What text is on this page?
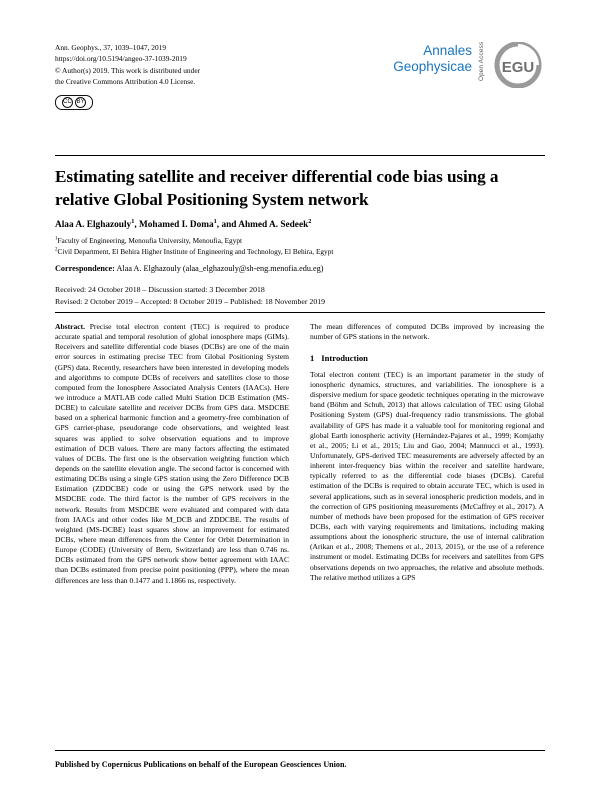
Ann. Geophys., 37, 1039–1047, 2019
https://doi.org/10.5194/angeo-37-1039-2019
© Author(s) 2019. This work is distributed under
the Creative Commons Attribution 4.0 License.
CC BY
Annales
Geophysicae Open Access EGU
Estimating satellite and receiver differential code bias using a relative Global Positioning System network
Alaa A. Elghazouly$^1$, Mohamed I. Doma$^1$, and Ahmed A. Sedeek$^2$
$^1$Faculty of Engineering, Menoufia University, Menoufia, Egypt
$^2$Civil Department, El Behira Higher Institute of Engineering and Technology, El Behira, Egypt
Correspondence: Alaa A. Elghazouly (alaa_elghazouly@sh-eng.menofia.edu.eg)
Received: 24 October 2018 – Discussion started: 3 December 2018
Revised: 2 October 2019 – Accepted: 8 October 2019 – Published: 18 November 2019

Abstract. Precise total electron content (TEC) is required to produce accurate spatial and temporal resolution of global ionosphere maps (GIMs). Receivers and satellite differential code biases (DCBs) are one of the main error sources in estimating precise TEC from Global Positioning System (GPS) data. Recently, researchers have been interested in developing models and algorithms to compute DCBs of receivers and satellites close to those computed from the Ionosphere Associated Analysis Centers (IAACs). Here we introduce a MATLAB code called Multi Station DCB Estimation (MS-DCBE) to calculate satellite and receiver DCBs from GPS data. MSDCBE based on a spherical harmonic function and a geometry-free combination of GPS carrier-phase, pseudorange code observations, and weighted least squares was applied to solve observation equations and to improve estimation of DCB values. There are many factors affecting the estimated values of DCBs. The first one is the observation weighting function which depends on the satellite elevation angle. The second factor is concerned with estimating DCBs using a single GPS station using the Zero Difference DCB Estimation (ZDDCBE) code or using the GPS network used by the MSDCBE code. The third factor is the number of GPS receivers in the network. Results from MSDCBE were evaluated and compared with data from IAACs and other codes like M_DCB and ZDDCBE. The results of weighted (MS-DCBE) least squares show an improvement for estimated DCBs, where mean differences from the Center for Orbit Determination in Europe (CODE) (University of Bern, Switzerland) are less than 0.746 ns. DCBs estimated from the GPS network show better agreement with IAAC than DCBs estimated from precise point positioning (PPP), where the mean differences are less than 0.1477 and 1.1866 ns, respectively.

The mean differences of computed DCBs improved by increasing the number of GPS stations in the network.

1 Introduction

Total electron content (TEC) is an important parameter in the study of ionospheric dynamics, structures, and variabilities. The ionosphere is a dispersive medium for space geodetic techniques operating in the microwave band (Böhm and Schuh, 2013) that allows calculation of TEC using Global Positioning System (GPS) dual-frequency radio transmissions. The global availability of GPS has made it a valuable tool for monitoring regional and global Earth ionospheric activity (Hernández-Pajares et al., 1999; Komjathy et al., 2005; Li et al., 2015; Liu and Gao, 2004; Mannucci et al., 1993). Unfortunately, GPS-derived TEC measurements are adversely affected by an inherent inter-frequency bias within the receiver and satellite hardware, typically referred to as the differential code biases (DCBs). Careful estimation of the DCBs is required to obtain accurate TEC, which is used in several applications, such as in several ionospheric prediction models, and in the correction of GPS positioning measurements (McCaffrey et al., 2017). A number of methods have been proposed for the estimation of GPS receiver DCBs, each with varying requirements and limitations, including making assumptions about the ionospheric structure, the use of internal calibration (Arikan et al., 2008; Themens et al., 2013, 2015), or the use of a reference instrument or model. Estimating DCBs for receivers and satellites from GPS observations depends on two approaches, the relative and absolute methods. The relative method utilizes a GPS

Published by Copernicus Publications on behalf of the European Geosciences Union.
